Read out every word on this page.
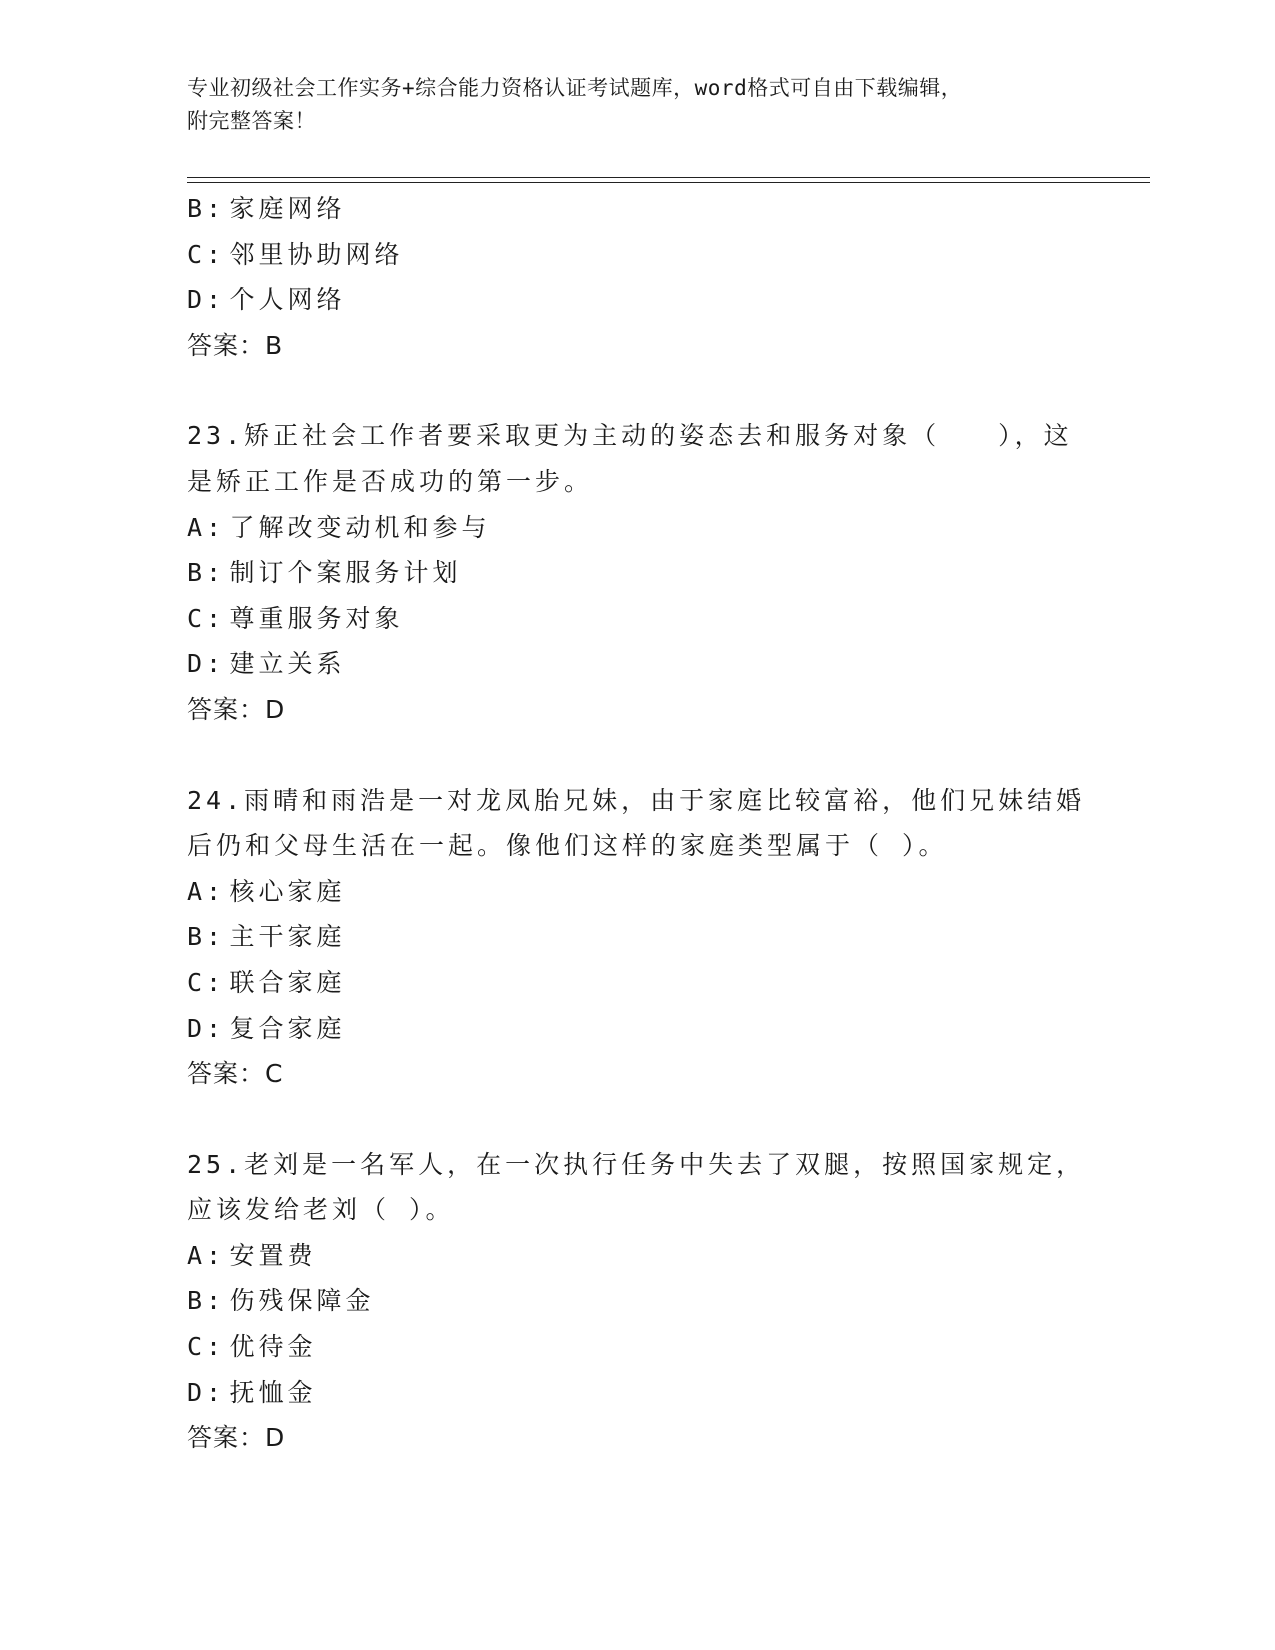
专业初级社会工作实务+综合能力资格认证考试题库，word格式可自由下载编辑，
附完整答案！
B: 家庭网络
C: 邻里协助网络
D: 个人网络
答案：B
23.矫正社会工作者要采取更为主动的姿态去和服务对象（　　），这
是矫正工作是否成功的第一步。
A: 了解改变动机和参与
B: 制订个案服务计划
C: 尊重服务对象
D: 建立关系
答案：D
24.雨晴和雨浩是一对龙凤胎兄妹，由于家庭比较富裕，他们兄妹结婚
后仍和父母生活在一起。像他们这样的家庭类型属于（ ）。
A: 核心家庭
B: 主干家庭
C: 联合家庭
D: 复合家庭
答案：C
25.老刘是一名军人，在一次执行任务中失去了双腿，按照国家规定，
应该发给老刘（ ）。
A: 安置费
B: 伤残保障金
C: 优待金
D: 抚恤金
答案：D
